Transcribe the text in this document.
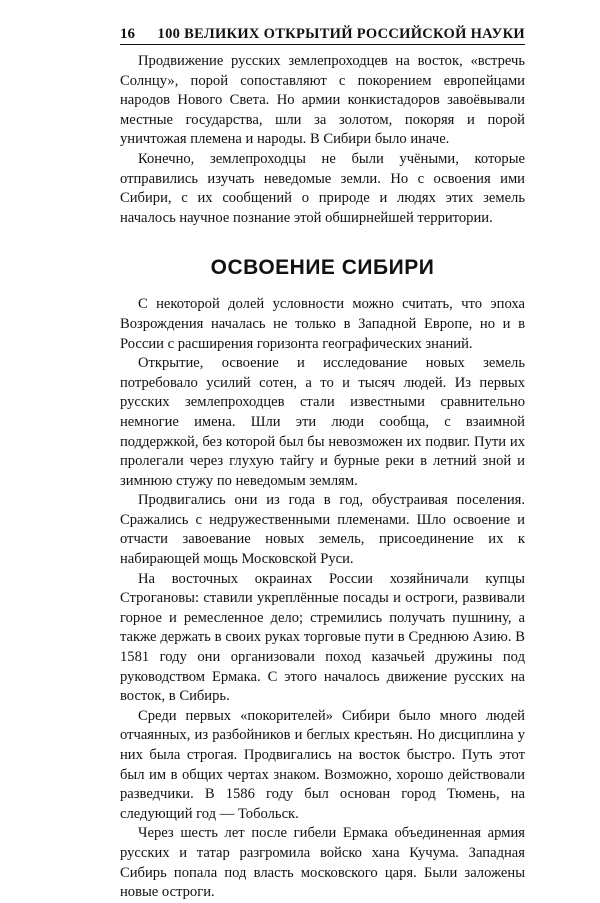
16 100 ВЕЛИКИХ ОТКРЫТИЙ РОССИЙСКОЙ НАУКИ

Продвижение русских землепроходцев на восток, «встречь Солнцу», порой сопоставляют с покорением европейцами народов Нового Света. Но армии конкистадоров завоёвывали местные государства, шли за золотом, покоряя и порой уничтожая племена и народы. В Сибири было иначе.

Конечно, землепроходцы не были учёными, которые отправились изучать неведомые земли. Но с освоения ими Сибири, с их сообщений о природе и людях этих земель началось научное познание этой обширнейшей территории.

ОСВОЕНИЕ СИБИРИ

С некоторой долей условности можно считать, что эпоха Возрождения началась не только в Западной Европе, но и в России с расширения горизонта географических знаний.

Открытие, освоение и исследование новых земель потребовало усилий сотен, а то и тысяч людей. Из первых русских землепроходцев стали известными сравнительно немногие имена. Шли эти люди сообща, с взаимной поддержкой, без которой был бы невозможен их подвиг. Пути их пролегали через глухую тайгу и бурные реки в летний зной и зимнюю стужу по неведомым землям.

Продвигались они из года в год, обустраивая поселения. Сражались с недружественными племенами. Шло освоение и отчасти завоевание новых земель, присоединение их к набирающей мощь Московской Руси.

На восточных окраинах России хозяйничали купцы Строгановы: ставили укреплённые посады и остроги, развивали горное и ремесленное дело; стремились получать пушнину, а также держать в своих руках торговые пути в Среднюю Азию. В 1581 году они организовали поход казачьей дружины под руководством Ермака. С этого началось движение русских на восток, в Сибирь.

Среди первых «покорителей» Сибири было много людей отчаянных, из разбойников и беглых крестьян. Но дисциплина у них была строгая. Продвигались на восток быстро. Путь этот был им в общих чертах знаком. Возможно, хорошо действовали разведчики. В 1586 году был основан город Тюмень, на следующий год — Тобольск.

Через шесть лет после гибели Ермака объединенная армия русских и татар разгромила войско хана Кучума. Западная Сибирь попала под власть московского царя. Были заложены новые остроги.
